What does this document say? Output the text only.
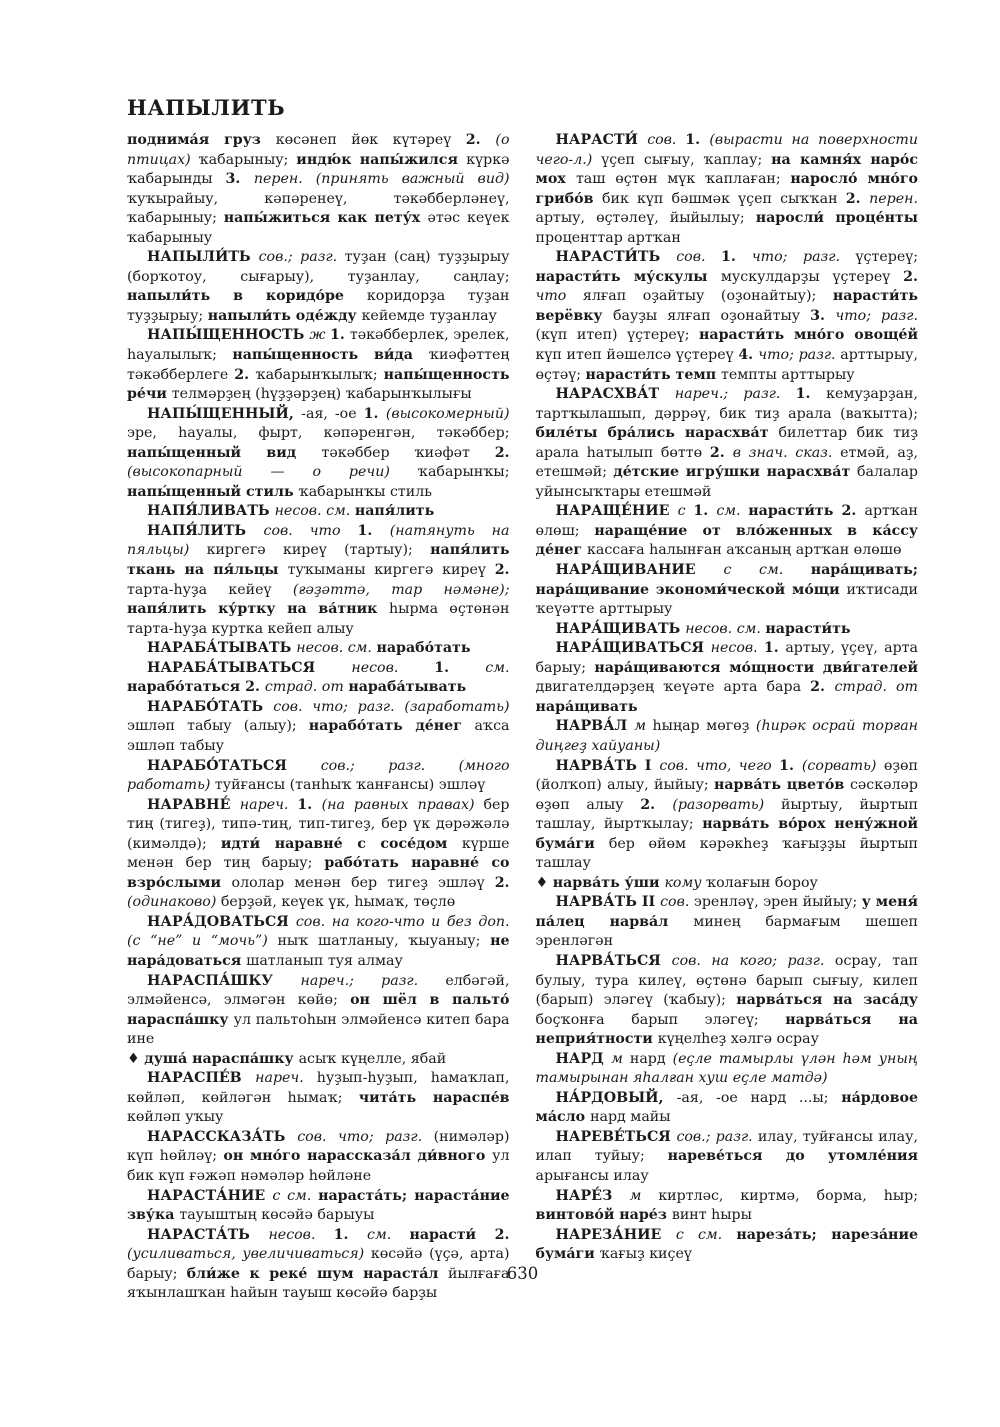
НАПЫЛИТЬ

поднима́я груз көсәнеп йөк күтәреү 2. (о птицах) ҡабарыныу; индю́к напы́жился күркә ҡабарынды 3. перен. (принять важный вид) ҡуҡырайыу, кәпәренеү, тәкәбберләнеү, ҡабарыныу; напы́житься как пету́х әтәс кеүек ҡабарыныу

НАПЫЛИ́ТЬ сов.; разг. туҙан (саң) туҙҙырыу (борҡотоу, сығарыу), туҙанлау, саңлау; напыли́ть в коридо́ре коридорҙа туҙан туҙҙырыу; напыли́ть оде́жду кейемде туҙанлау

НАПЫ́ЩЕННОСТЬ ж 1. тәкәбберлек, эрелек, һауалылыҡ; напы́щенность ви́да ҡиәфәттең тәкәбберлеге 2. ҡабарынҡылыҡ; напы́щенность ре́чи телмәрҙең (һүҙҙәрҙең) ҡабарынҡылығы

НАПЫ́ЩЕННЫЙ, -ая, -ое 1. (высокомерный) эре, һауалы, фырт, кәпәренгән, тәкәббер; напы́щенный вид тәкәббер ҡиәфәт 2. (высокопарный — о речи) ҡабарынҡы; напы́щенный стиль ҡабарынҡы стиль

НАПЯ́ЛИВАТЬ несов. см. напя́лить

НАПЯ́ЛИТЬ сов. что 1. (натянуть на пяльцы) киргегә киреү (тартыу); напя́лить ткань на пя́льцы туҡыманы киргегә киреү 2. тарта-һуҙа кейеү (ғәҙәттә, тар нәмәне); напя́лить ку́ртку на ва́тник һырма өҫтөнән тарта-һуҙа куртка кейеп алыу

НАРАБА́ТЫВАТЬ несов. см. нарабо́тать

НАРАБА́ТЫВАТЬСЯ несов. 1. см. нарабо́таться 2. страд. от нараба́тывать

НАРАБО́ТАТЬ сов. что; разг. (заработать) эшләп табыу (алыу); нарабо́тать де́нег аҡса эшләп табыу

НАРАБО́ТАТЬСЯ сов.; разг. (много работать) туйғансы (танһыҡ ҡанғансы) эшләү

НАРАВНЕ́ нареч. 1. (на равных правах) бер тиң (тигеҙ), типә-тиң, тип-тигеҙ, бер үк дәрәжәлә (кимәлдә); идти́ наравне́ с сосе́дом күрше менән бер тиң барыу; рабо́тать наравне́ со взро́слыми ололар менән бер тигеҙ эшләү 2. (одинаково) берҙәй, кеүек үк, һымаҡ, төҫлө

НАРА́ДОВАТЬСЯ сов. на кого-что и без доп. (с “не” и “мочь”) ныҡ шатланыу, ҡыуаныу; не нара́доваться шатланып туя алмау

НАРАСПА́ШКУ нареч.; разг. елбәгәй, элмәйенсә, элмәгән көйө; он шёл в пальто́ нараспа́шку ул пальтоһын элмәйенсә китеп бара ине

♦ душа́ нараспа́шку асыҡ күңелле, ябай

НАРАСПЕ́В нареч. һуҙып-һуҙып, һамаҡлап, көйләп, көйләгән һымаҡ; чита́ть нараспе́в көйләп уҡыу

НАРАССКАЗА́ТЬ сов. что; разг. (нимәләр) күп һөйләү; он мно́го нарассказа́л ди́вного ул бик күп ғәжәп нәмәләр һөйләне

НАРАСТА́НИЕ с см. нараста́ть; нараста́ние зву́ка тауыштың көсәйә барыуы

НАРАСТА́ТЬ несов. 1. см. нарасти́ 2. (усиливаться, увеличиваться) көсәйә (үҫә, арта) барыу; бли́же к реке́ шум нараста́л йылғаға яҡынлашҡан һайын тауыш көсәйә барҙы

НАРАСТИ́ сов. 1. (вырасти на поверхности чего-л.) үҫеп сығыу, ҡаплау; на камня́х наро́с мох таш өҫтөн мүк ҡаплаған; наросло́ мно́го грибо́в бик күп бәшмәк үҫеп сыҡҡан 2. перен. артыу, өҫтәлеү, йыйылыу; наросли́ проце́нты проценттар артҡан

НАРАСТИ́ТЬ сов. 1. что; разг. үҫтереү; нарасти́ть му́скулы мускулдарҙы үҫтереү 2. что ялғап оҙайтыу (оҙонайтыу); нарасти́ть верёвку бауҙы ялғап оҙонайтыу 3. что; разг. (күп итеп) үҫтереү; нарасти́ть мно́го овоще́й күп итеп йәшелсә үҫтереү 4. что; разг. арттырыу, өҫтәү; нарасти́ть темп темпты арттырыу

НАРАСХВА́Т нареч.; разг. 1. кемуҙарҙан, тартҡылашып, дәррәү, бик тиҙ арала (ваҡытта); биле́ты бра́лись нарасхва́т билеттар бик тиҙ арала һатылып бөттө 2. в знач. сказ. етмәй, аҙ, етешмәй; де́тские игру́шки нарасхва́т балалар уйынсыҡтары етешмәй

НАРАЩЕ́НИЕ с 1. см. нарасти́ть 2. артҡан өлөш; нараще́ние от вло́женных в ка́ссу де́нег кассаға һалынған аҡсаның артҡан өлөшө

НАРА́ЩИВАНИЕ с см. нара́щивать; нара́щивание экономи́ческой мо́щи иҡтисади ҡеүәтте арттырыу

НАРА́ЩИВАТЬ несов. см. нарасти́ть

НАРА́ЩИВАТЬСЯ несов. 1. артыу, үҫеү, арта барыу; нара́щиваются мо́щности дви́гателей двигателдәрҙең ҡеүәте арта бара 2. страд. от нара́щивать

НАРВА́Л м һыңар мөгөҙ (һирәк осрай торған диңгеҙ хайуаны)

НАРВА́ТЬ I сов. что, чего 1. (сорвать) өҙөп (йолҡоп) алыу, йыйыу; нарва́ть цвето́в сәскәләр өҙөп алыу 2. (разорвать) йыртыу, йыртып ташлау, йыртҡылау; нарва́ть во́рох нену́жной бума́ги бер өйөм кәрәкһеҙ ҡағыҙҙы йыртып ташлау

♦ нарва́ть у́ши кому ҡолағын бороу

НАРВА́ТЬ II сов. эренләү, эрен йыйыу; у меня́ па́лец нарва́л минең бармағым шешеп эренләгән

НАРВА́ТЬСЯ сов. на кого; разг. осрау, тап булыу, тура килеү, өҫтөнә барып сығыу, килеп (барып) эләгеү (ҡабыу); нарва́ться на заса́ду боҫҡонға барып эләгеү; нарва́ться на неприя́тности күңелһеҙ хәлгә осрау

НАРД м нард (еҫле тамырлы үлән һәм уның тамырынан яһалған хуш еҫле матдә)

НА́РДОВЫЙ, -ая, -ое нард ...ы; на́рдовое ма́сло нард майы

НАРЕВЕ́ТЬСЯ сов.; разг. илау, туйғансы илау, илап туйыу; нареве́ться до утомле́ния арығансы илау

НАРЕ́З м киртләс, киртмә, борма, һыр; винтово́й наре́з винт һыры

НАРЕЗА́НИЕ с см. нареза́ть; нареза́ние бума́ги ҡағыҙ киҫеү

630
